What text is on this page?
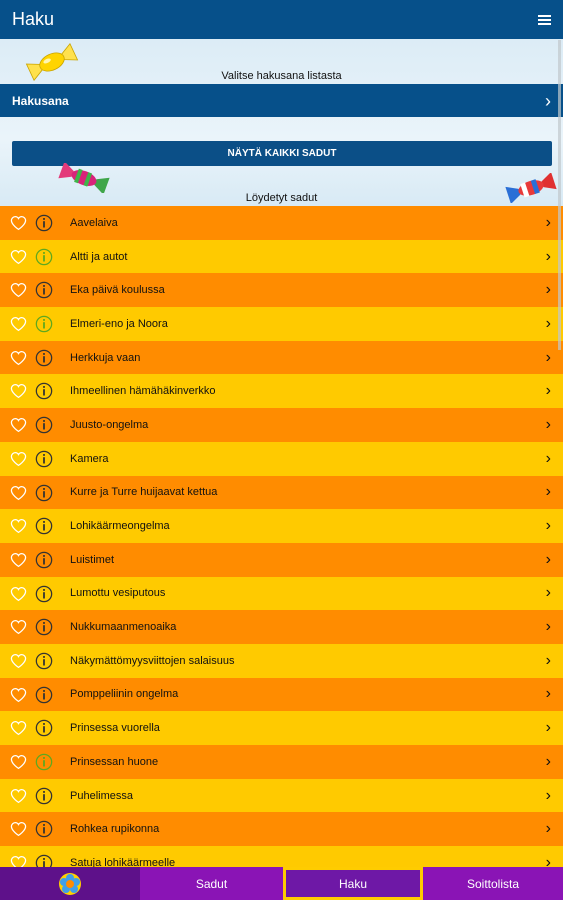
Haku
Valitse hakusana listasta
Hakusana	›
NÄYTÄ KAIKKI SADUT
Löydetyt sadut
Aavelaiva	›
Altti ja autot	›
Eka päivä koulussa	›
Elmeri-eno ja Noora	›
Herkkuja vaan	›
Ihmeellinen hämähäkinverkko	›
Juusto-ongelma	›
Kamera	›
Kurre ja Turre huijaavat kettua	›
Lohikäärmeongelma	›
Luistimet	›
Lumottu vesiputous	›
Nukkumaanmenoaika	›
Näkymättömyysviittojen salaisuus	›
Pomppeliinin ongelma	›
Prinsessa vuorella	›
Prinsessan huone	›
Puhelimessa	›
Rohkea rupikonna	›
Satuja lohikäärmeelle	›
Sadut	Haku	Soittolista
